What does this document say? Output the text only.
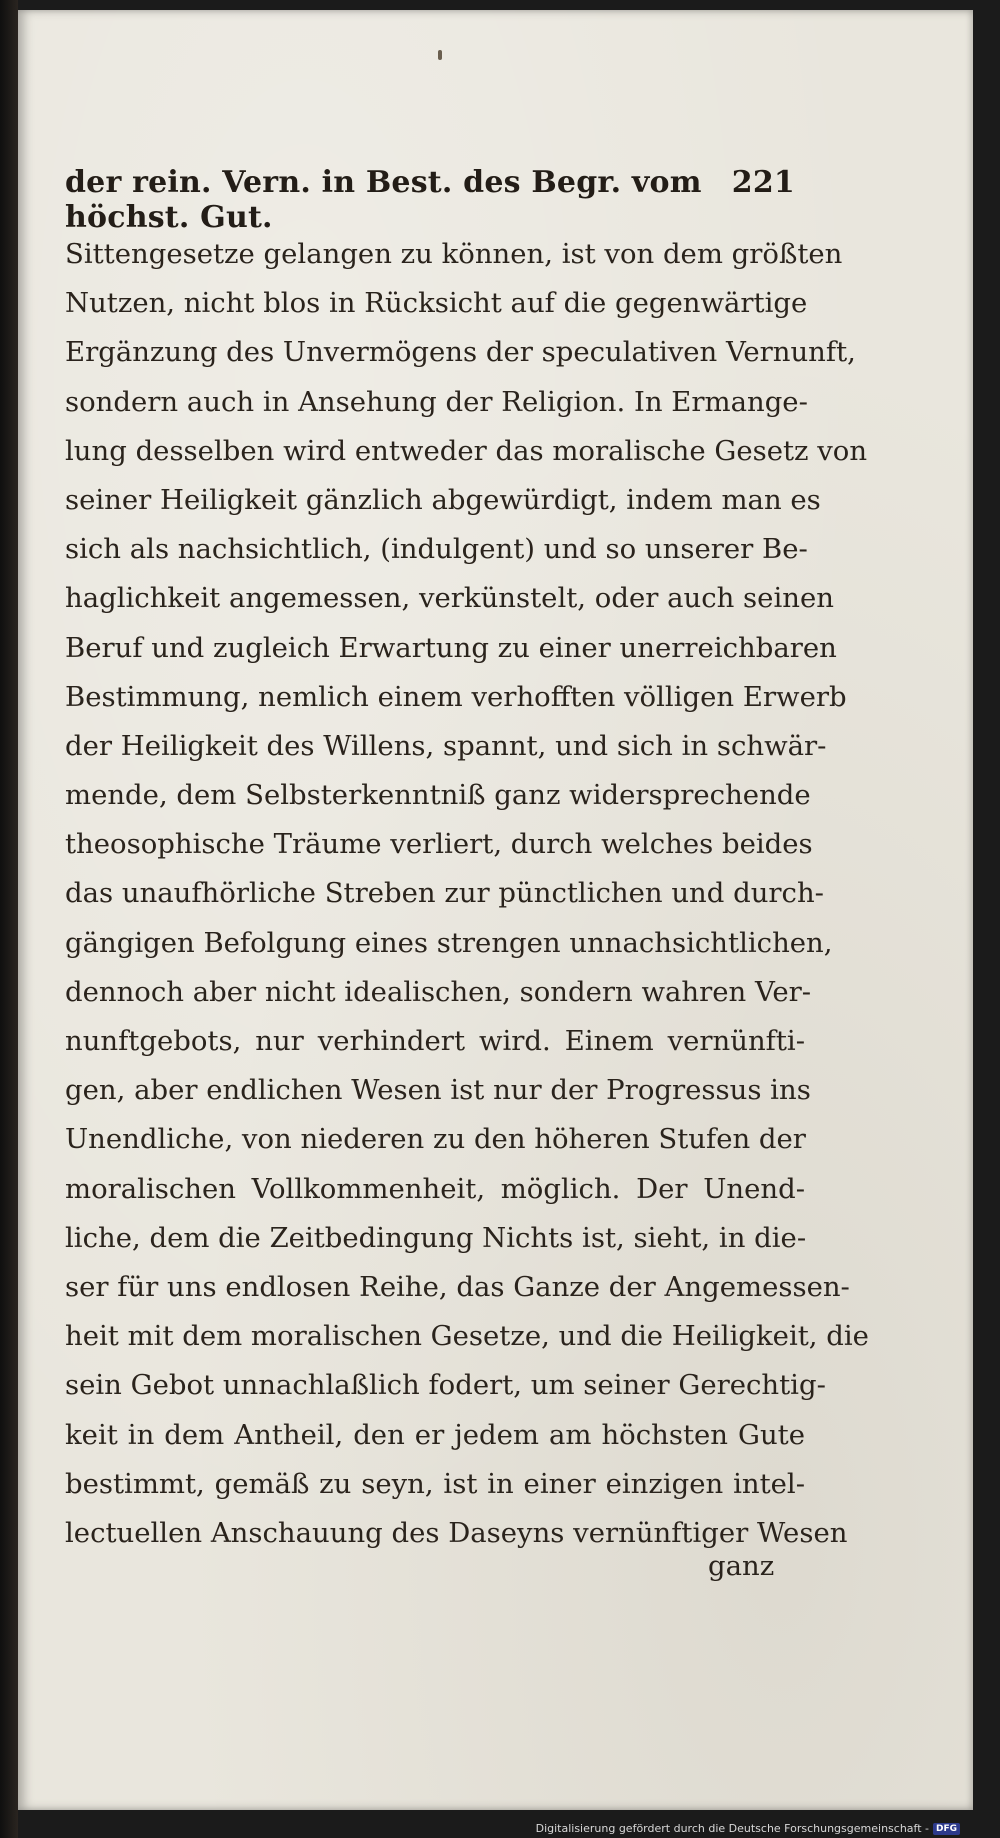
der rein. Vern. in Best. des Begr. vom höchst. Gut.
221
Sittengesetze gelangen zu können, ist von dem größten
Nutzen, nicht blos in Rücksicht auf die gegenwärtige
Ergänzung des Unvermögens der speculativen Vernunft,
sondern auch in Ansehung der Religion. In Ermange-
lung desselben wird entweder das moralische Gesetz von
seiner Heiligkeit gänzlich abgewürdigt, indem man es
sich als nachsichtlich, (indulgent) und so unserer Be-
haglichkeit angemessen, verkünstelt, oder auch seinen
Beruf und zugleich Erwartung zu einer unerreichbaren
Bestimmung, nemlich einem verhofften völligen Erwerb
der Heiligkeit des Willens, spannt, und sich in schwär-
mende, dem Selbsterkenntniß ganz widersprechende
theosophische Träume verliert, durch welches beides
das unaufhörliche Streben zur pünctlichen und durch-
gängigen Befolgung eines strengen unnachsichtlichen,
dennoch aber nicht idealischen, sondern wahren Ver-
nunftgebots, nur verhindert wird. Einem vernünfti-
gen, aber endlichen Wesen ist nur der Progressus ins
Unendliche, von niederen zu den höheren Stufen der
moralischen Vollkommenheit, möglich. Der Unend-
liche, dem die Zeitbedingung Nichts ist, sieht, in die-
ser für uns endlosen Reihe, das Ganze der Angemessen-
heit mit dem moralischen Gesetze, und die Heiligkeit, die
sein Gebot unnachlaßlich fodert, um seiner Gerechtig-
keit in dem Antheil, den er jedem am höchsten Gute
bestimmt, gemäß zu seyn, ist in einer einzigen intel-
lectuellen Anschauung des Daseyns vernünftiger Wesen
ganz
Digitalisierung gefördert durch die Deutsche Forschungsgemeinschaft - DFG
